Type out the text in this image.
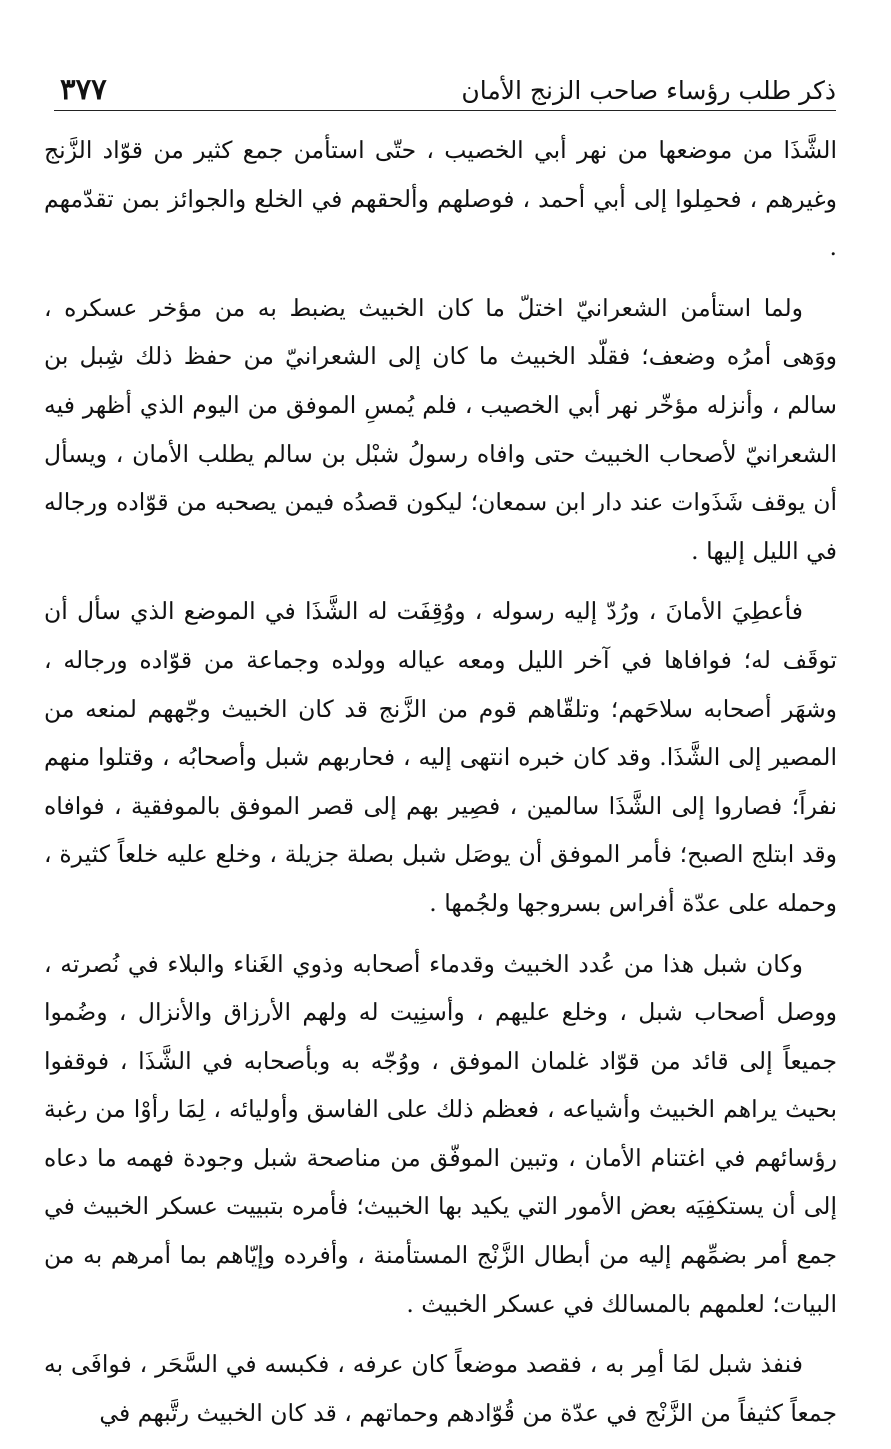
ذكر طلب رؤساء صاحب الزنج الأمان
٣٧٧

الشَّذَا من موضعها من نهر أبي الخصيب ، حتّى استأمن جمع كثير من قوّاد الزَّنج وغيرهم ، فحمِلوا إلى أبي أحمد ، فوصلهم وألحقهم في الخلع والجوائز بمن تقدّمهم .

ولما استأمن الشعرانيّ اختلّ ما كان الخبيث يضبط به من مؤخر عسكره ، ووَهى أمرُه وضعف؛ فقلّد الخبيث ما كان إلى الشعرانيّ من حفظ ذلك شِبل بن سالم ، وأنزله مؤخّر نهر أبي الخصيب ، فلم يُمسِ الموفق من اليوم الذي أظهر فيه الشعرانيّ لأصحاب الخبيث حتى وافاه رسولُ شبْل بن سالم يطلب الأمان ، ويسأل أن يوقف شَذَوات عند دار ابن سمعان؛ ليكون قصدُه فيمن يصحبه من قوّاده ورجاله في الليل إليها .

فأعطِيَ الأمانَ ، ورُدّ إليه رسوله ، ووُقِفَت له الشَّذَا في الموضع الذي سأل أن توقَف له؛ فوافاها في آخر الليل ومعه عياله وولده وجماعة من قوّاده ورجاله ، وشهَر أصحابه سلاحَهم؛ وتلقّاهم قوم من الزَّنج قد كان الخبيث وجّههم لمنعه من المصير إلى الشَّذَا. وقد كان خبره انتهى إليه ، فحاربهم شبل وأصحابُه ، وقتلوا منهم نفراً؛ فصاروا إلى الشَّذَا سالمين ، فصِير بهم إلى قصر الموفق بالموفقية ، فوافاه وقد ابتلج الصبح؛ فأمر الموفق أن يوصَل شبل بصلة جزيلة ، وخلع عليه خلعاً كثيرة ، وحمله على عدّة أفراس بسروجها ولجُمها .

وكان شبل هذا من عُدد الخبيث وقدماء أصحابه وذوي الغَناء والبلاء في نُصرته ، ووصل أصحاب شبل ، وخلع عليهم ، وأسنِيت له ولهم الأرزاق والأنزال ، وضُموا جميعاً إلى قائد من قوّاد غلمان الموفق ، ووُجّه به وبأصحابه في الشَّذَا ، فوقفوا بحيث يراهم الخبيث وأشياعه ، فعظم ذلك على الفاسق وأوليائه ، لِمَا رأوْا من رغبة رؤسائهم في اغتنام الأمان ، وتبين الموفّق من مناصحة شبل وجودة فهمه ما دعاه إلى أن يستكفِيَه بعض الأمور التي يكيد بها الخبيث؛ فأمره بتبييت عسكر الخبيث في جمع أمر بضمِّهم إليه من أبطال الزَّنْج المستأمنة ، وأفرده وإيّاهم بما أمرهم به من البيات؛ لعلمهم بالمسالك في عسكر الخبيث .

فنفذ شبل لمَا أمِر به ، فقصد موضعاً كان عرفه ، فكبسه في السَّحَر ، فوافَى به جمعاً كثيفاً من الزَّنْج في عدّة من قُوّادهم وحماتهم ، قد كان الخبيث رتَّبهم في
